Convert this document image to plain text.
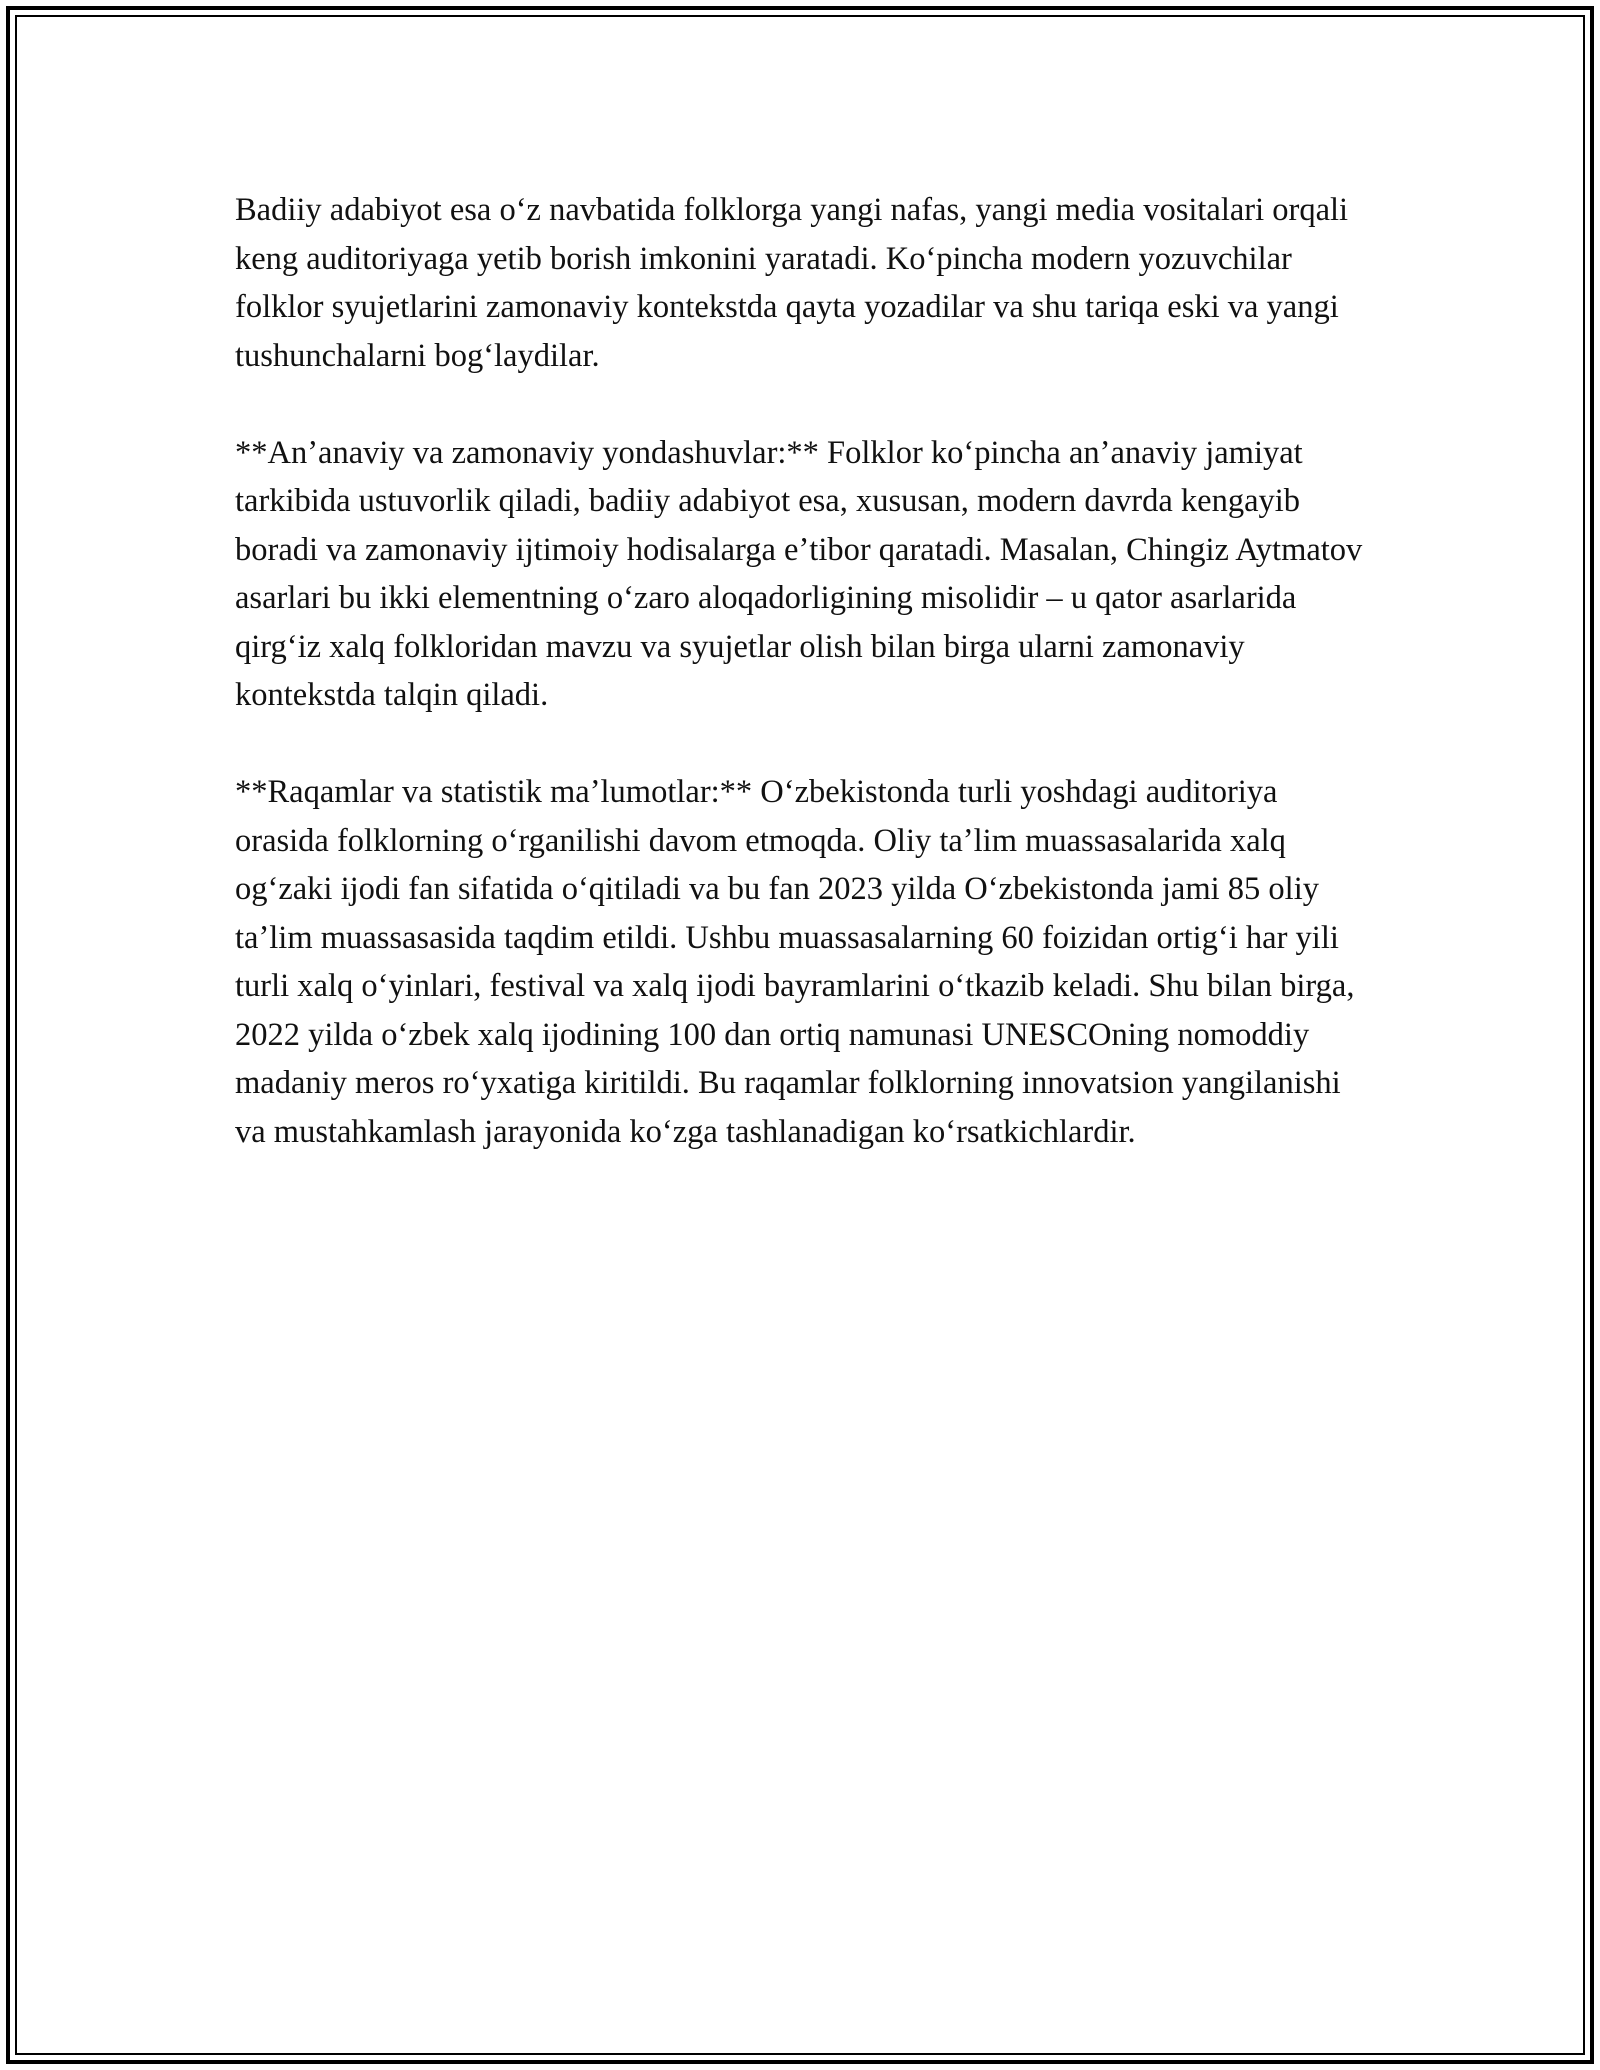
Badiiy adabiyot esa oʻz navbatida folklorga yangi nafas, yangi media vositalari orqali keng auditoriyaga yetib borish imkonini yaratadi. Koʻpincha modern yozuvchilar folklor syujetlarini zamonaviy kontekstda qayta yozadilar va shu tariqa eski va yangi tushunchalarni bogʻlaydilar.

**Anʼanaviy va zamonaviy yondashuvlar:** Folklor koʻpincha anʼanaviy jamiyat tarkibida ustuvorlik qiladi, badiiy adabiyot esa, xususan, modern davrda kengayib boradi va zamonaviy ijtimoiy hodisalarga eʼtibor qaratadi. Masalan, Chingiz Aytmatov asarlari bu ikki elementning oʻzaro aloqadorligining misolidir – u qator asarlarida qirgʻiz xalq folkloridan mavzu va syujetlar olish bilan birga ularni zamonaviy kontekstda talqin qiladi.

**Raqamlar va statistik maʼlumotlar:** Oʻzbekistonda turli yoshdagi auditoriya orasida folklorning oʻrganilishi davom etmoqda. Oliy taʼlim muassasalarida xalq ogʻzaki ijodi fan sifatida oʻqitiladi va bu fan 2023 yilda Oʻzbekistonda jami 85 oliy taʼlim muassasasida taqdim etildi. Ushbu muassasalarning 60 foizidan ortigʻi har yili turli xalq oʻyinlari, festival va xalq ijodi bayramlarini oʻtkazib keladi. Shu bilan birga, 2022 yilda oʻzbek xalq ijodining 100 dan ortiq namunasi UNESCOning nomoddiy madaniy meros roʻyxatiga kiritildi. Bu raqamlar folklorning innovatsion yangilanishi va mustahkamlash jarayonida koʻzga tashlanadigan koʻrsatkichlardir.
